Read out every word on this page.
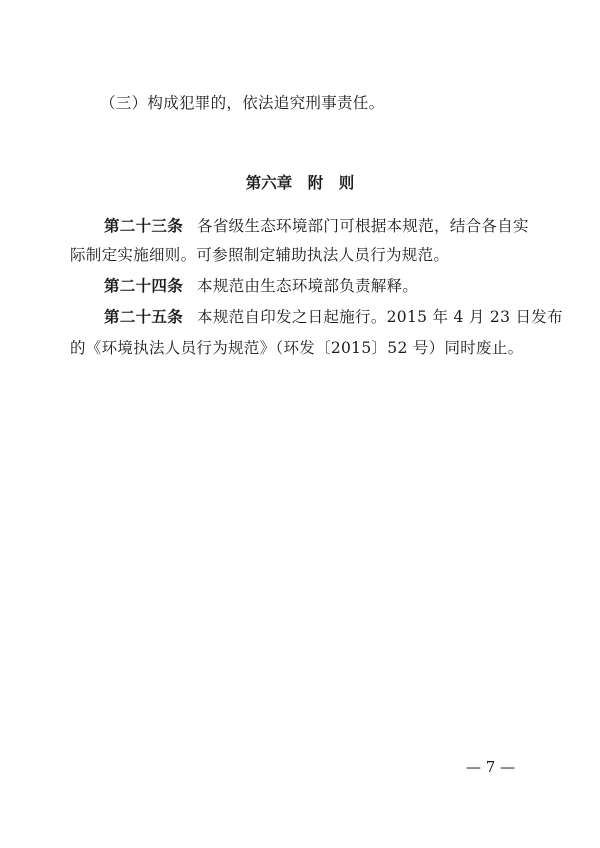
（三）构成犯罪的，依法追究刑事责任。
第六章　附　则
第二十三条 各省级生态环境部门可根据本规范，结合各自实
际制定实施细则。可参照制定辅助执法人员行为规范。
第二十四条 本规范由生态环境部负责解释。
第二十五条 本规范自印发之日起施行。2015 年 4 月 23 日发布
的《环境执法人员行为规范》（环发〔2015〕52 号）同时废止。
— 7 —
